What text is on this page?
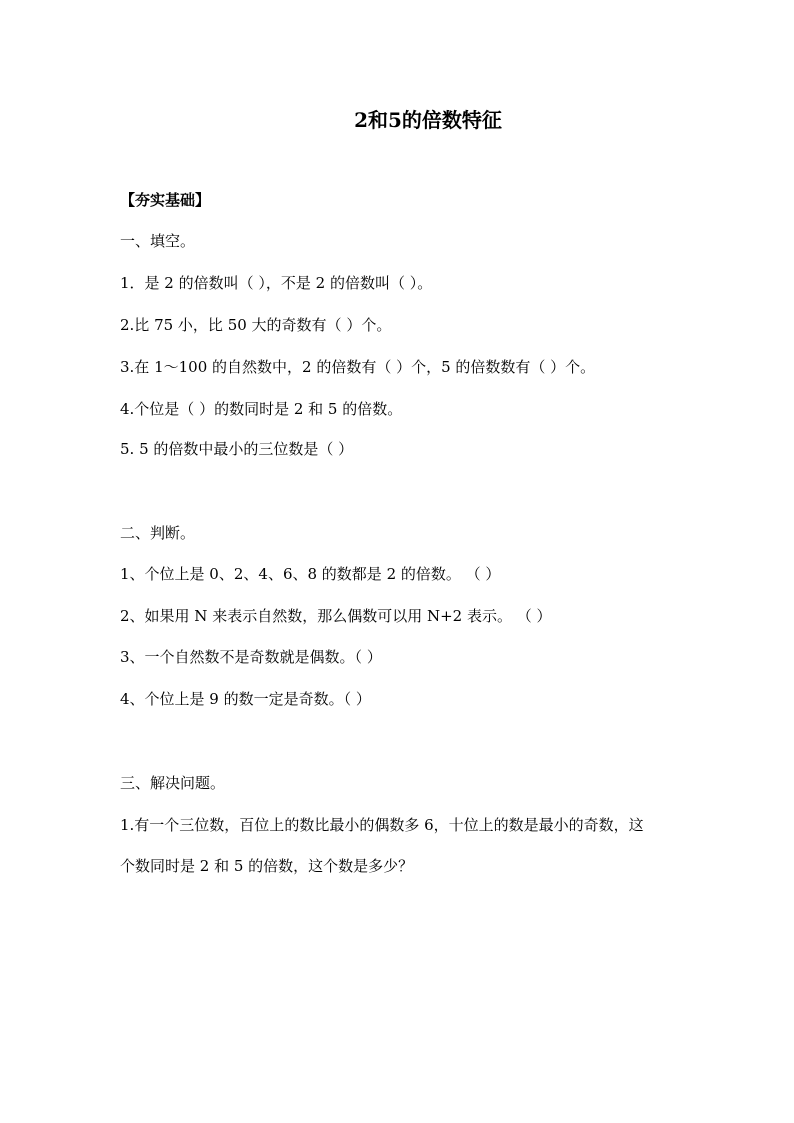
2和5的倍数特征
【夯实基础】
一、填空。
1．是 2 的倍数叫（ ），不是 2 的倍数叫（ ）。
2.比 75 小，比 50 大的奇数有（ ）个。
3.在 1～100 的自然数中，2 的倍数有（ ）个，5 的倍数数有（ ）个。
4.个位是（ ）的数同时是 2 和 5 的倍数。
5. 5 的倍数中最小的三位数是（ ）
二、判断。
1、个位上是 0、2、4、6、8 的数都是 2 的倍数。 （ ）
2、如果用 N 来表示自然数，那么偶数可以用 N+2 表示。 （ ）
3、一个自然数不是奇数就是偶数。（ ）
4、个位上是 9 的数一定是奇数。（ ）
三、解决问题。
1.有一个三位数，百位上的数比最小的偶数多 6，十位上的数是最小的奇数，这
个数同时是 2 和 5 的倍数，这个数是多少？
